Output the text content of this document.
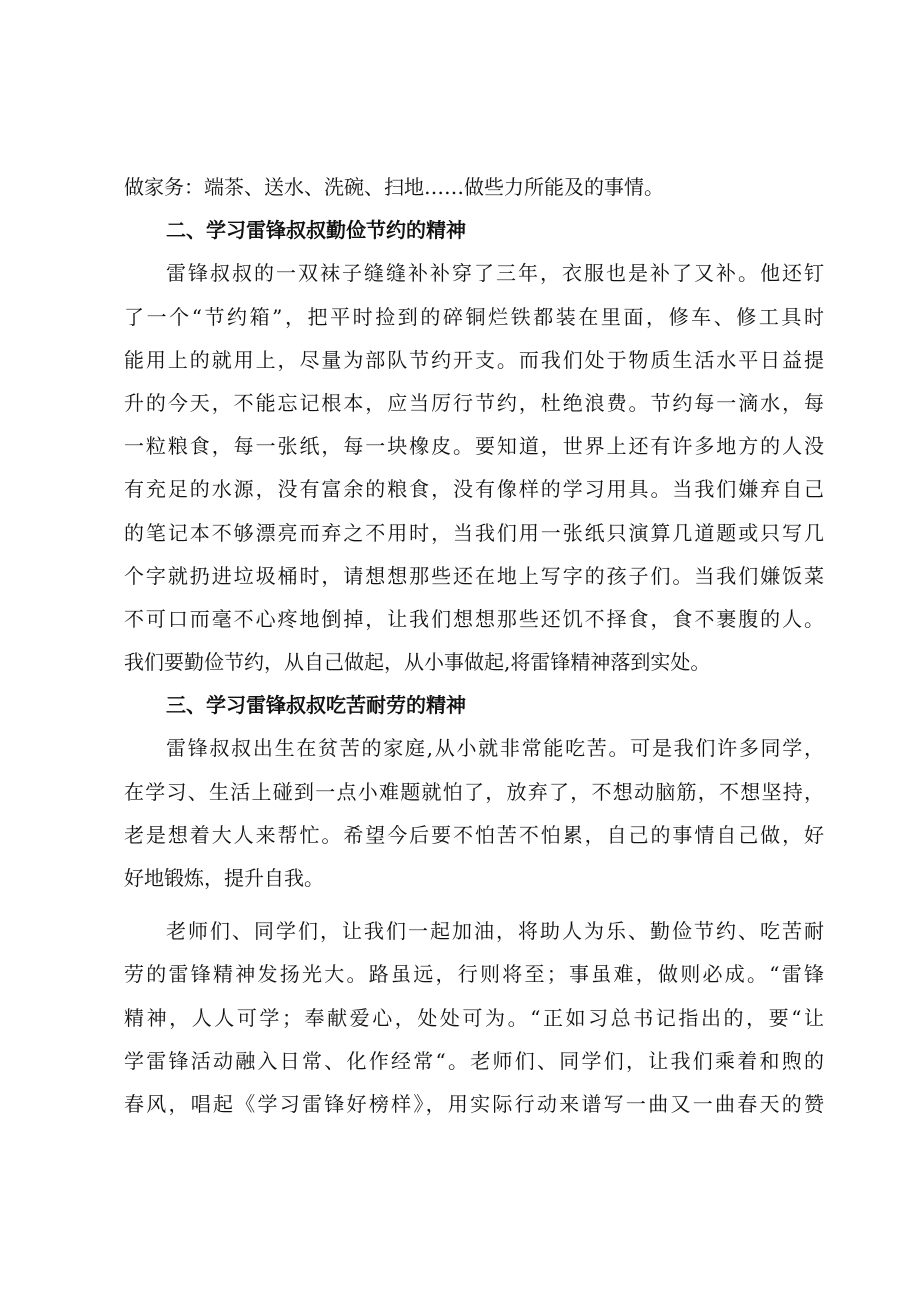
做家务：端茶、送水、洗碗、扫地……做些力所能及的事情。
二、学习雷锋叔叔勤俭节约的精神
雷锋叔叔的一双袜子缝缝补补穿了三年，衣服也是补了又补。他还钉
了一个“节约箱”，把平时捡到的碎铜烂铁都装在里面，修车、修工具时
能用上的就用上，尽量为部队节约开支。而我们处于物质生活水平日益提
升的今天，不能忘记根本，应当厉行节约，杜绝浪费。节约每一滴水，每
一粒粮食，每一张纸，每一块橡皮。要知道，世界上还有许多地方的人没
有充足的水源，没有富余的粮食，没有像样的学习用具。当我们嫌弃自己
的笔记本不够漂亮而弃之不用时，当我们用一张纸只演算几道题或只写几
个字就扔进垃圾桶时，请想想那些还在地上写字的孩子们。当我们嫌饭菜
不可口而毫不心疼地倒掉，让我们想想那些还饥不择食，食不裹腹的人。
我们要勤俭节约，从自己做起，从小事做起,将雷锋精神落到实处。
三、学习雷锋叔叔吃苦耐劳的精神
雷锋叔叔出生在贫苦的家庭,从小就非常能吃苦。可是我们许多同学，
在学习、生活上碰到一点小难题就怕了，放弃了，不想动脑筋，不想坚持，
老是想着大人来帮忙。希望今后要不怕苦不怕累，自己的事情自己做，好
好地锻炼，提升自我。
老师们、同学们，让我们一起加油，将助人为乐、勤俭节约、吃苦耐
劳的雷锋精神发扬光大。路虽远，行则将至；事虽难，做则必成。“雷锋
精神，人人可学；奉献爱心，处处可为。“正如习总书记指出的，要“让
学雷锋活动融入日常、化作经常“。老师们、同学们，让我们乘着和煦的
春风，唱起《学习雷锋好榜样》，用实际行动来谱写一曲又一曲春天的赞
